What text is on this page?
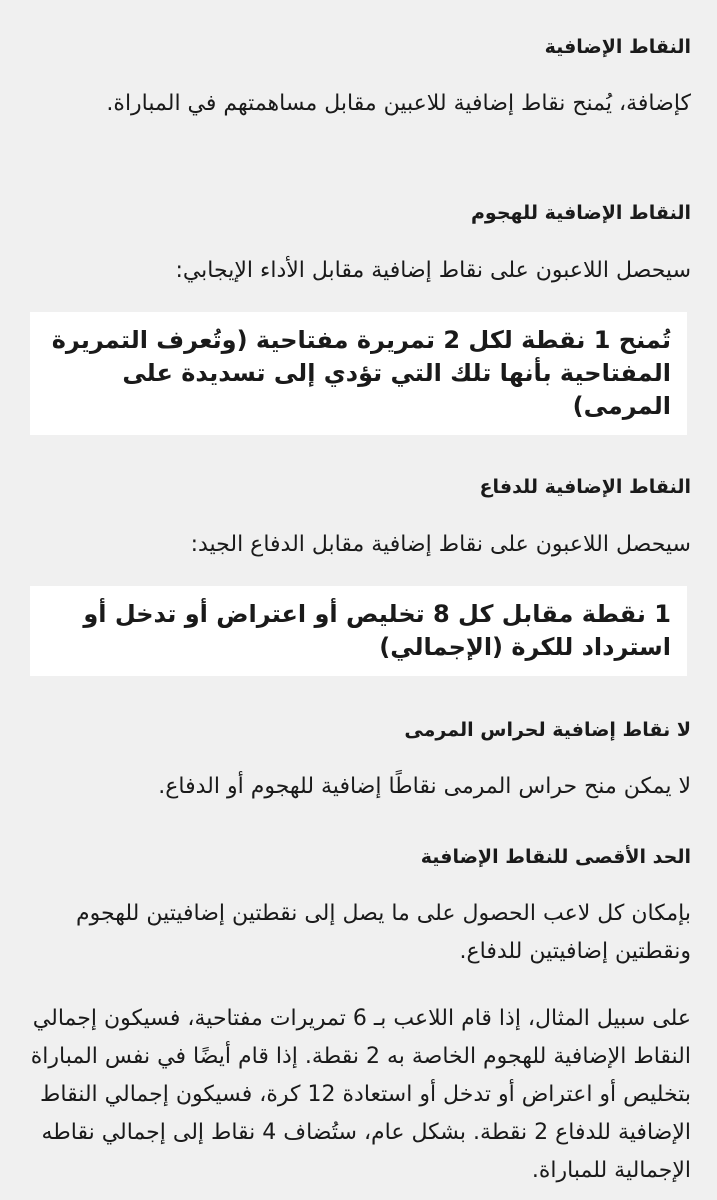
النقاط الإضافية

كإضافة، يُمنح نقاط إضافية للاعبين مقابل مساهمتهم في المباراة.

النقاط الإضافية للهجوم

سيحصل اللاعبون على نقاط إضافية مقابل الأداء الإيجابي:

تُمنح 1 نقطة لكل 2 تمريرة مفتاحية (وتُعرف التمريرة المفتاحية بأنها تلك التي تؤدي إلى تسديدة على المرمى)
النقاط الإضافية للدفاع

سيحصل اللاعبون على نقاط إضافية مقابل الدفاع الجيد:

1 نقطة مقابل كل 8 تخليص أو اعتراض أو تدخل أو استرداد للكرة (الإجمالي)
لا نقاط إضافية لحراس المرمى

لا يمكن منح حراس المرمى نقاطًا إضافية للهجوم أو الدفاع.

الحد الأقصى للنقاط الإضافية

بإمكان كل لاعب الحصول على ما يصل إلى نقطتين إضافيتين للهجوم ونقطتين إضافيتين للدفاع.

على سبيل المثال، إذا قام اللاعب بـ 6 تمريرات مفتاحية، فسيكون إجمالي النقاط الإضافية للهجوم الخاصة به 2 نقطة. إذا قام أيضًا في نفس المباراة بتخليص أو اعتراض أو تدخل أو استعادة 12 كرة، فسيكون إجمالي النقاط الإضافية للدفاع 2 نقطة. بشكل عام، ستُضاف 4 نقاط إلى إجمالي نقاطه الإجمالية للمباراة.
